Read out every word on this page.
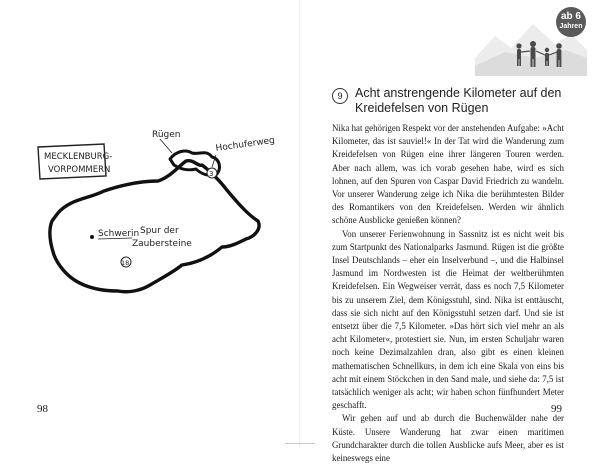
MECKLENBURG-
VORPOMMERN
Rügen
Hochuferweg
3
Schwerin Spur der
Zaubersteine
18
98
ab 6
Jahren
9	Acht anstrengende Kilometer auf den Kreidefelsen von Rügen

Nika hat gehörigen Respekt vor der anstehenden Aufgabe: »Acht Kilometer, das ist sauviel!« In der Tat wird die Wanderung zum Kreidefelsen von Rügen eine ihrer längeren Touren werden. Aber nach allem, was ich vorab gesehen habe, wird es sich lohnen, auf den Spuren von Caspar David Friedrich zu wandeln. Vor unserer Wanderung zeige ich Nika die berühmtesten Bilder des Romantikers von den Kreidefelsen. Werden wir ähnlich schöne Ausblicke genießen können?

Von unserer Ferienwohnung in Sassnitz ist es nicht weit bis zum Startpunkt des Nationalparks Jasmund. Rügen ist die größte Insel Deutschlands – eher ein Inselverbund –, und die Halbinsel Jasmund im Nordwesten ist die Heimat der weltberühmten Kreidefelsen. Ein Wegweiser verrät, dass es noch 7,5 Kilometer bis zu unserem Ziel, dem Königsstuhl, sind. Nika ist enttäuscht, dass sie sich nicht auf den Königsstuhl setzen darf. Und sie ist entsetzt über die 7,5 Kilometer. »Das hört sich viel mehr an als acht Kilometer«, protestiert sie. Nun, im ersten Schuljahr waren noch keine Dezimalzahlen dran, also gibt es einen kleinen mathematischen Schnellkurs, in dem ich eine Skala von eins bis acht mit einem Stöckchen in den Sand male, und siehe da: 7,5 ist tatsächlich weniger als acht; wir haben schon fünfhundert Meter geschafft.

Wir gehen auf und ab durch die Buchenwälder nahe der Küste. Unsere Wanderung hat zwar einen maritimen Grundcharakter durch die tollen Ausblicke aufs Meer, aber es ist keineswegs eine

99
